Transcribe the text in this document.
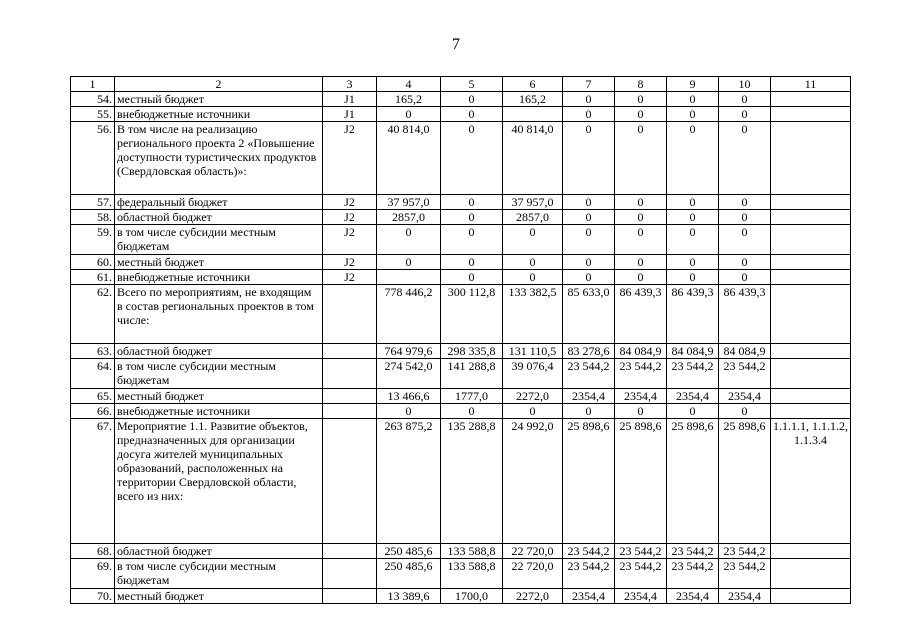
7
1	2	3	4	5	6	7	8	9	10	11
54.	местный бюджет	J1	165,2	0	165,2	0	0	0	0	
55.	внебюджетные источники	J1	0	0		0	0	0	0	
56.	В том числе на реализацию регионального проекта 2 «Повышение доступности туристических продуктов (Свердловская область)»:	J2	40 814,0	0	40 814,0	0	0	0	0	
57.	федеральный бюджет	J2	37 957,0	0	37 957,0	0	0	0	0	
58.	областной бюджет	J2	2857,0	0	2857,0	0	0	0	0	
59.	в том числе субсидии местным бюджетам	J2	0	0	0	0	0	0	0	
60.	местный бюджет	J2	0	0	0	0	0	0	0	
61.	внебюджетные источники	J2		0	0	0	0	0	0	
62.	Всего по мероприятиям, не входящим в состав региональных проектов в том числе:		778 446,2	300 112,8	133 382,5	85 633,0	86 439,3	86 439,3	86 439,3	
63.	областной бюджет		764 979,6	298 335,8	131 110,5	83 278,6	84 084,9	84 084,9	84 084,9	
64.	в том числе субсидии местным бюджетам		274 542,0	141 288,8	39 076,4	23 544,2	23 544,2	23 544,2	23 544,2	
65.	местный бюджет		13 466,6	1777,0	2272,0	2354,4	2354,4	2354,4	2354,4	
66.	внебюджетные источники		0	0	0	0	0	0	0	
67.	Мероприятие 1.1. Развитие объектов, предназначенных для организации досуга жителей муниципальных образований, расположенных на территории Свердловской области, всего из них:		263 875,2	135 288,8	24 992,0	25 898,6	25 898,6	25 898,6	25 898,6	1.1.1.1, 1.1.1.2, 1.1.3.4
68.	областной бюджет		250 485,6	133 588,8	22 720,0	23 544,2	23 544,2	23 544,2	23 544,2	
69.	в том числе субсидии местным бюджетам		250 485,6	133 588,8	22 720,0	23 544,2	23 544,2	23 544,2	23 544,2	
70.	местный бюджет		13 389,6	1700,0	2272,0	2354,4	2354,4	2354,4	2354,4	
